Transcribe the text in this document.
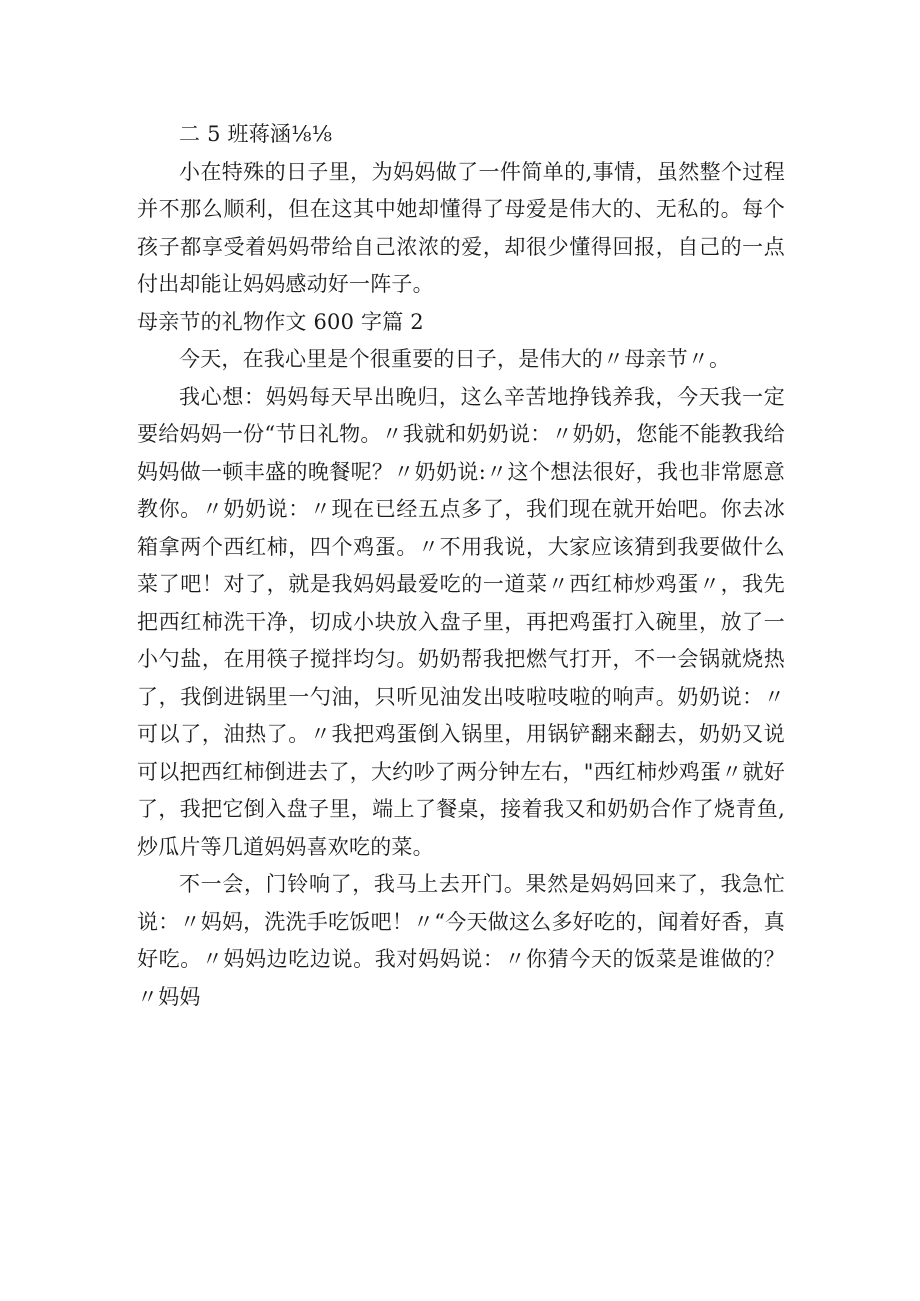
二 5 班蒋涵⅛⅛

小在特殊的日子里，为妈妈做了一件简单的,事情，虽然整个过程并不那么顺利，但在这其中她却懂得了母爱是伟大的、无私的。每个孩子都享受着妈妈带给自己浓浓的爱，却很少懂得回报，自己的一点付出却能让妈妈感动好一阵子。

母亲节的礼物作文 600 字篇 2

今天，在我心里是个很重要的日子，是伟大的〃母亲节〃。

我心想：妈妈每天早出晚归，这么辛苦地挣钱养我，今天我一定要给妈妈一份“节日礼物。〃我就和奶奶说：〃奶奶，您能不能教我给妈妈做一顿丰盛的晚餐呢？〃奶奶说:〃这个想法很好，我也非常愿意教你。〃奶奶说：〃现在已经五点多了，我们现在就开始吧。你去冰箱拿两个西红柿，四个鸡蛋。〃不用我说，大家应该猜到我要做什么菜了吧！对了，就是我妈妈最爱吃的一道菜〃西红柿炒鸡蛋〃，我先把西红柿洗干净，切成小块放入盘子里，再把鸡蛋打入碗里，放了一小勺盐，在用筷子搅拌均匀。奶奶帮我把燃气打开，不一会锅就烧热了，我倒进锅里一勺油，只听见油发出吱啦吱啦的响声。奶奶说：〃可以了，油热了。〃我把鸡蛋倒入锅里，用锅铲翻来翻去，奶奶又说可以把西红柿倒进去了，大约吵了两分钟左右，"西红柿炒鸡蛋〃就好了，我把它倒入盘子里，端上了餐桌，接着我又和奶奶合作了烧青鱼,炒瓜片等几道妈妈喜欢吃的菜。

不一会，门铃响了，我马上去开门。果然是妈妈回来了，我急忙说：〃妈妈，洗洗手吃饭吧！〃“今天做这么多好吃的，闻着好香，真好吃。〃妈妈边吃边说。我对妈妈说：〃你猜今天的饭菜是谁做的？〃妈妈
